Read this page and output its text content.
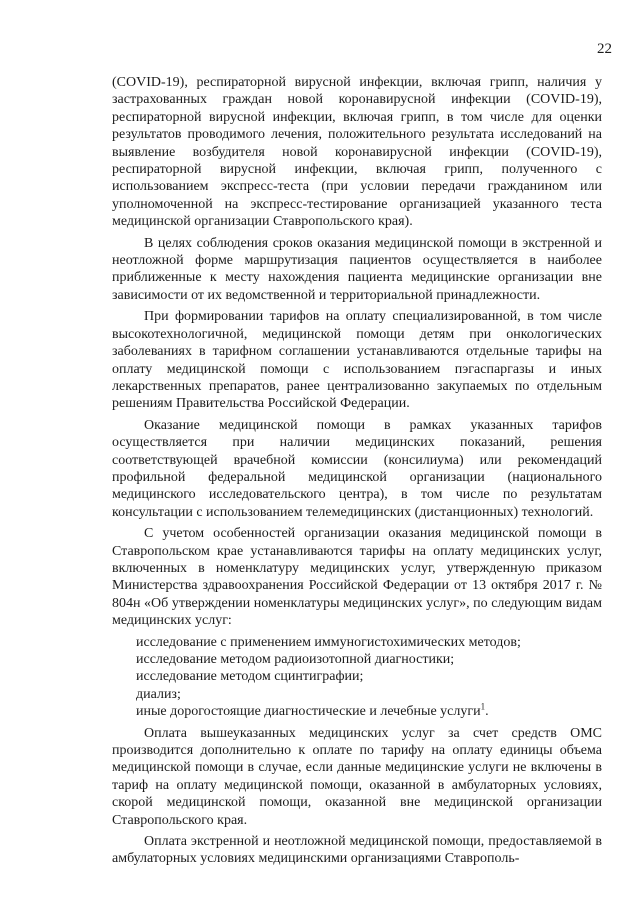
22

(COVID-19), респираторной вирусной инфекции, включая грипп, наличия у застрахованных граждан новой коронавирусной инфекции (COVID-19), респираторной вирусной инфекции, включая грипп, в том числе для оценки результатов проводимого лечения, положительного результата исследований на выявление возбудителя новой коронавирусной инфекции (COVID-19), респираторной вирусной инфекции, включая грипп, полученного с использованием экспресс-теста (при условии передачи гражданином или уполномоченной на экспресс-тестирование организацией указанного теста медицинской организации Ставропольского края).

В целях соблюдения сроков оказания медицинской помощи в экстренной и неотложной форме маршрутизация пациентов осуществляется в наиболее приближенные к месту нахождения пациента медицинские организации вне зависимости от их ведомственной и территориальной принадлежности.

При формировании тарифов на оплату специализированной, в том числе высокотехнологичной, медицинской помощи детям при онкологических заболеваниях в тарифном соглашении устанавливаются отдельные тарифы на оплату медицинской помощи с использованием пэгаспаргазы и иных лекарственных препаратов, ранее централизованно закупаемых по отдельным решениям Правительства Российской Федерации.

Оказание медицинской помощи в рамках указанных тарифов осуществляется при наличии медицинских показаний, решения соответствующей врачебной комиссии (консилиума) или рекомендаций профильной федеральной медицинской организации (национального медицинского исследовательского центра), в том числе по результатам консультации с использованием телемедицинских (дистанционных) технологий.

С учетом особенностей организации оказания медицинской помощи в Ставропольском крае устанавливаются тарифы на оплату медицинских услуг, включенных в номенклатуру медицинских услуг, утвержденную приказом Министерства здравоохранения Российской Федерации от 13 октября 2017 г. № 804н «Об утверждении номенклатуры медицинских услуг», по следующим видам медицинских услуг:

исследование с применением иммуногистохимических методов;
исследование методом радиоизотопной диагностики;
исследование методом сцинтиграфии;
диализ;
иные дорогостоящие диагностические и лечебные услуги$^1$.

Оплата вышеуказанных медицинских услуг за счет средств ОМС производится дополнительно к оплате по тарифу на оплату единицы объема медицинской помощи в случае, если данные медицинские услуги не включены в тариф на оплату медицинской помощи, оказанной в амбулаторных условиях, скорой медицинской помощи, оказанной вне медицинской организации Ставропольского края.

Оплата экстренной и неотложной медицинской помощи, предоставляемой в амбулаторных условиях медицинскими организациями Ставрополь-
